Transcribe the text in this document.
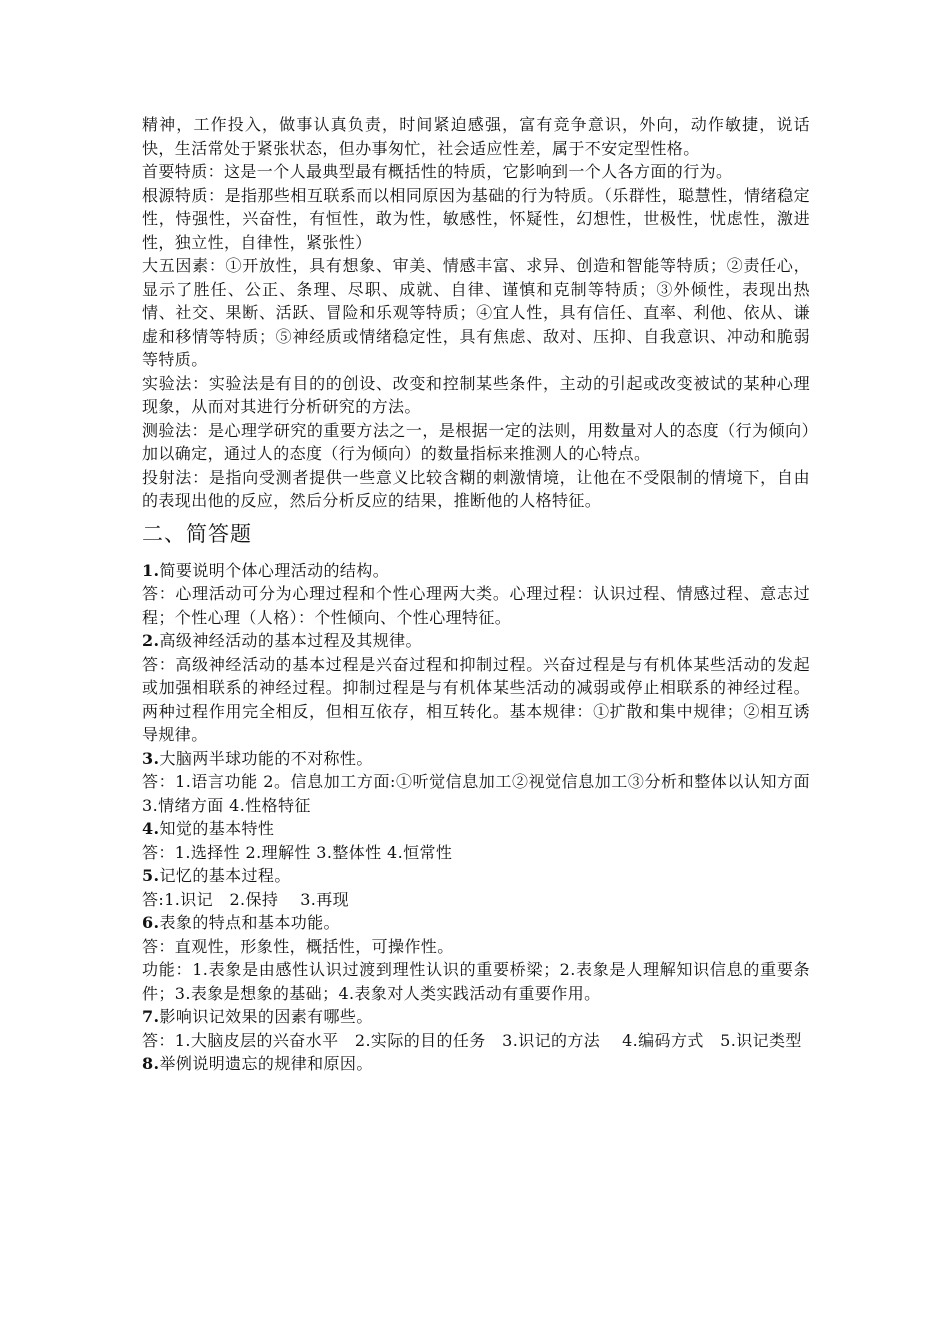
精神，工作投入，做事认真负责，时间紧迫感强，富有竞争意识，外向，动作敏捷，说话快，生活常处于紧张状态，但办事匆忙，社会适应性差，属于不安定型性格。

首要特质：这是一个人最典型最有概括性的特质，它影响到一个人各方面的行为。

根源特质：是指那些相互联系而以相同原因为基础的行为特质。（乐群性，聪慧性，情绪稳定性，恃强性，兴奋性，有恒性，敢为性，敏感性，怀疑性，幻想性，世极性，忧虑性，激进性，独立性，自律性，紧张性）

大五因素：①开放性，具有想象、审美、情感丰富、求异、创造和智能等特质；②责任心，显示了胜任、公正、条理、尽职、成就、自律、谨慎和克制等特质；③外倾性，表现出热情、社交、果断、活跃、冒险和乐观等特质；④宜人性，具有信任、直率、利他、依从、谦虚和移情等特质；⑤神经质或情绪稳定性，具有焦虑、敌对、压抑、自我意识、冲动和脆弱等特质。

实验法：实验法是有目的的创设、改变和控制某些条件，主动的引起或改变被试的某种心理现象，从而对其进行分析研究的方法。

测验法：是心理学研究的重要方法之一，是根据一定的法则，用数量对人的态度（行为倾向）加以确定，通过人的态度（行为倾向）的数量指标来推测人的心特点。

投射法：是指向受测者提供一些意义比较含糊的刺激情境，让他在不受限制的情境下，自由的表现出他的反应，然后分析反应的结果，推断他的人格特征。

二、简答题

1.简要说明个体心理活动的结构。

答：心理活动可分为心理过程和个性心理两大类。心理过程：认识过程、情感过程、意志过程；个性心理（人格）：个性倾向、个性心理特征。

2.高级神经活动的基本过程及其规律。

答：高级神经活动的基本过程是兴奋过程和抑制过程。兴奋过程是与有机体某些活动的发起或加强相联系的神经过程。抑制过程是与有机体某些活动的减弱或停止相联系的神经过程。两种过程作用完全相反，但相互依存，相互转化。基本规律：①扩散和集中规律；②相互诱导规律。

3.大脑两半球功能的不对称性。

答：1.语言功能 2。信息加工方面:①听觉信息加工②视觉信息加工③分析和整体以认知方面 3.情绪方面 4.性格特征

4.知觉的基本特性

答：1.选择性 2.理解性 3.整体性 4.恒常性

5.记忆的基本过程。

答:1.识记　2.保持　 3.再现

6.表象的特点和基本功能。

答：直观性，形象性，概括性，可操作性。

功能：1.表象是由感性认识过渡到理性认识的重要桥梁；2.表象是人理解知识信息的重要条件；3.表象是想象的基础；4.表象对人类实践活动有重要作用。

7.影响识记效果的因素有哪些。

答：1.大脑皮层的兴奋水平　2.实际的目的任务　3.识记的方法　 4.编码方式　5.识记类型

8.举例说明遗忘的规律和原因。
